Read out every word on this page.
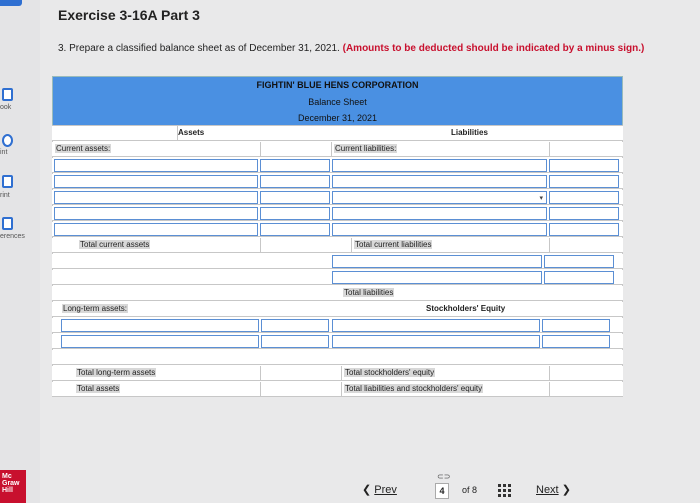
ook
int
rint
erences
Mc
Graw
Hill
Exercise 3-16A Part 3
3. Prepare a classified balance sheet as of December 31, 2021. (Amounts to be deducted should be indicated by a minus sign.)
FIGHTIN' BLUE HENS CORPORATION
Balance Sheet
December 31, 2021
Assets	Liabilities
Current assets:	Current liabilities:
▾
Total current assets	Total current liabilities
Total liabilities
Long-term assets:	Stockholders' Equity
Total long-term assets	Total stockholders' equity
Total assets	Total liabilities and stockholders' equity
❮ Prev
⊂⊃
4	of 8	Next ❯
